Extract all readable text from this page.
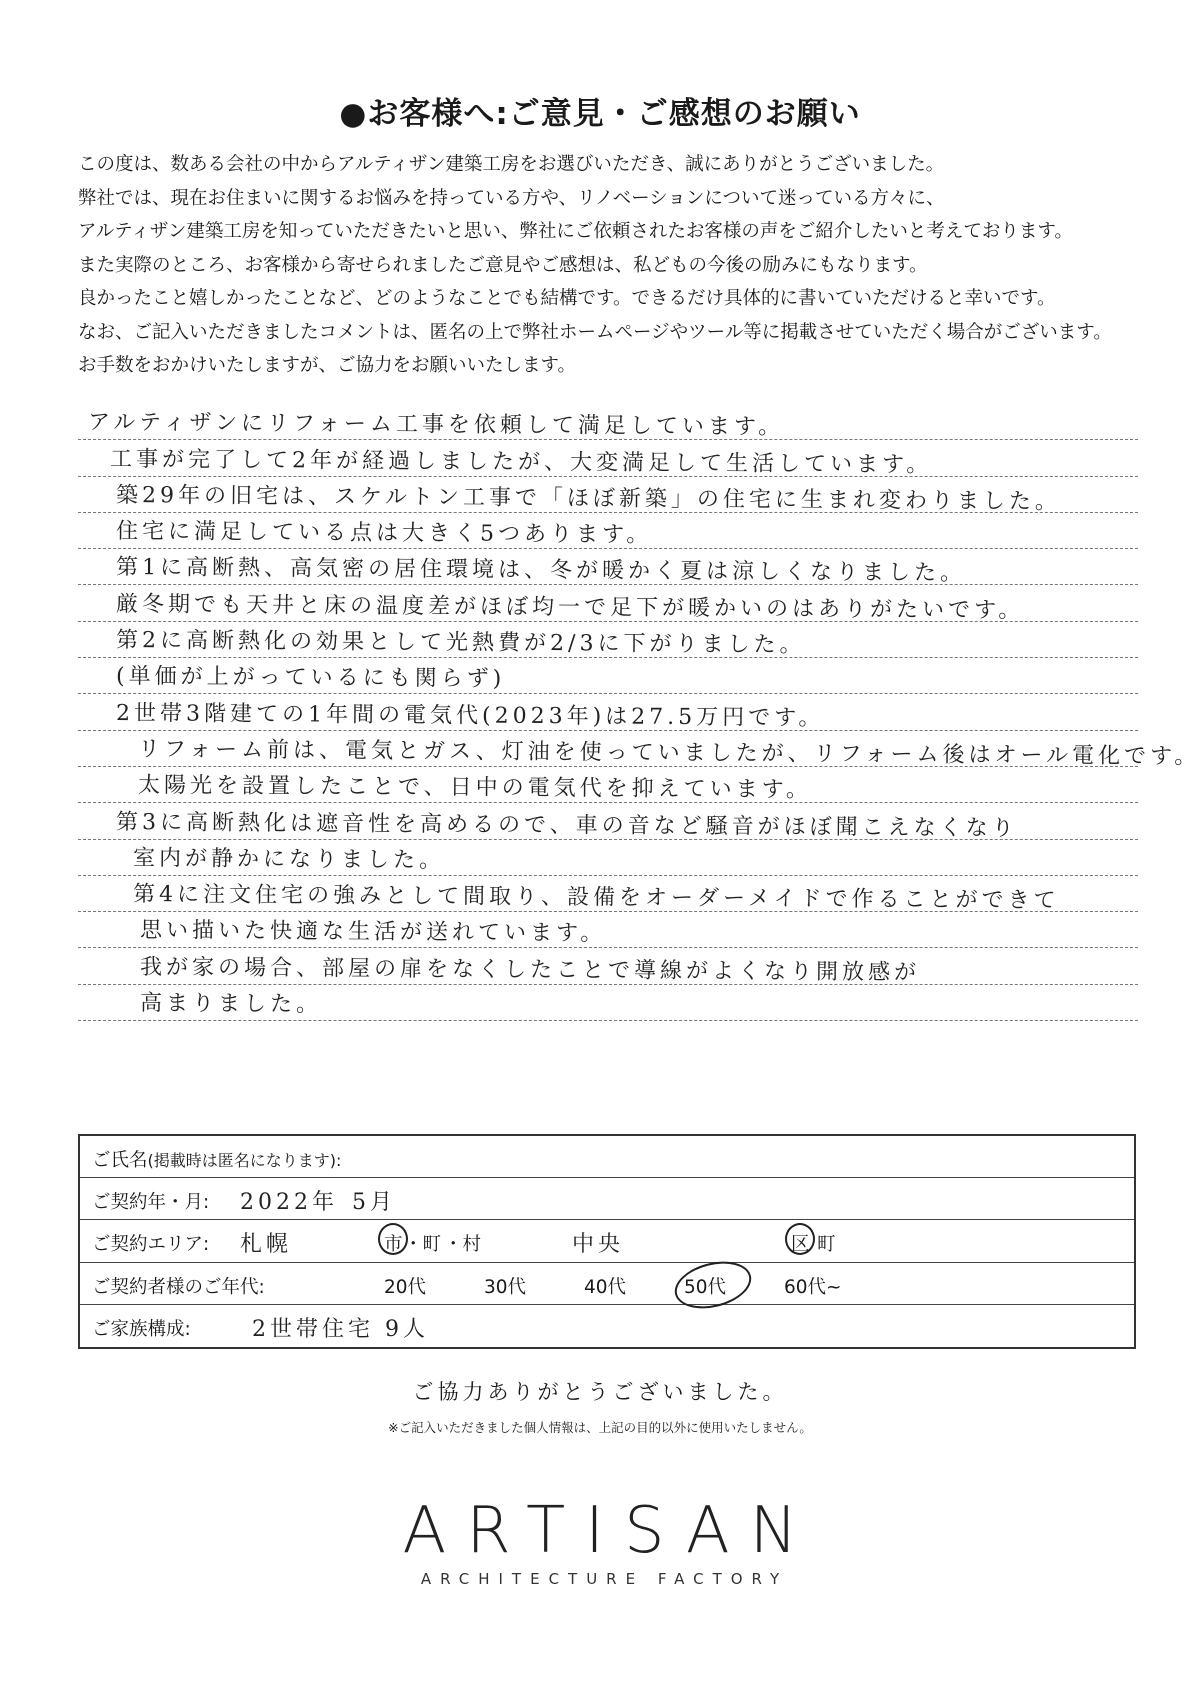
●お客様へ:ご意見・ご感想のお願い
この度は、数ある会社の中からアルティザン建築工房をお選びいただき、誠にありがとうございました。
弊社では、現在お住まいに関するお悩みを持っている方や、リノベーションについて迷っている方々に、
アルティザン建築工房を知っていただきたいと思い、弊社にご依頼されたお客様の声をご紹介したいと考えております。
また実際のところ、お客様から寄せられましたご意見やご感想は、私どもの今後の励みにもなります。
良かったこと嬉しかったことなど、どのようなことでも結構です。できるだけ具体的に書いていただけると幸いです。
なお、ご記入いただきましたコメントは、匿名の上で弊社ホームページやツール等に掲載させていただく場合がございます。
お手数をおかけいたしますが、ご協力をお願いいたします。
アルティザンにリフォーム工事を依頼して満足しています。
工事が完了して2年が経過しましたが、大変満足して生活しています。
築29年の旧宅は、スケルトン工事で「ほぼ新築」の住宅に生まれ変わりました。
住宅に満足している点は大きく5つあります。
第1に高断熱、高気密の居住環境は、冬が暖かく夏は涼しくなりました。
厳冬期でも天井と床の温度差がほぼ均一で足下が暖かいのはありがたいです。
第2に高断熱化の効果として光熱費が2/3に下がりました。
(単価が上がっているにも関らず)
2世帯3階建ての1年間の電気代(2023年)は27.5万円です。
リフォーム前は、電気とガス、灯油を使っていましたが、リフォーム後はオール電化です。
太陽光を設置したことで、日中の電気代を抑えています。
第3に高断熱化は遮音性を高めるので、車の音など騒音がほぼ聞こえなくなり
室内が静かになりました。
第4に注文住宅の強みとして間取り、設備をオーダーメイドで作ることができて
思い描いた快適な生活が送れています。
我が家の場合、部屋の扉をなくしたことで導線がよくなり開放感が
高まりました。
ご氏名(掲載時は匿名になります):
ご契約年・月: 2022年 5月
ご契約エリア: 札幌	市 ・町 ・村	中央	区 町
ご契約者様のご年代:	20代	30代	40代	50代	60代~
ご家族構成:	2世帯住宅 9人
ご協力ありがとうございました。
※ご記入いただきました個人情報は、上記の目的以外に使用いたしません。
ARTISAN
ARCHITECTURE FACTORY
